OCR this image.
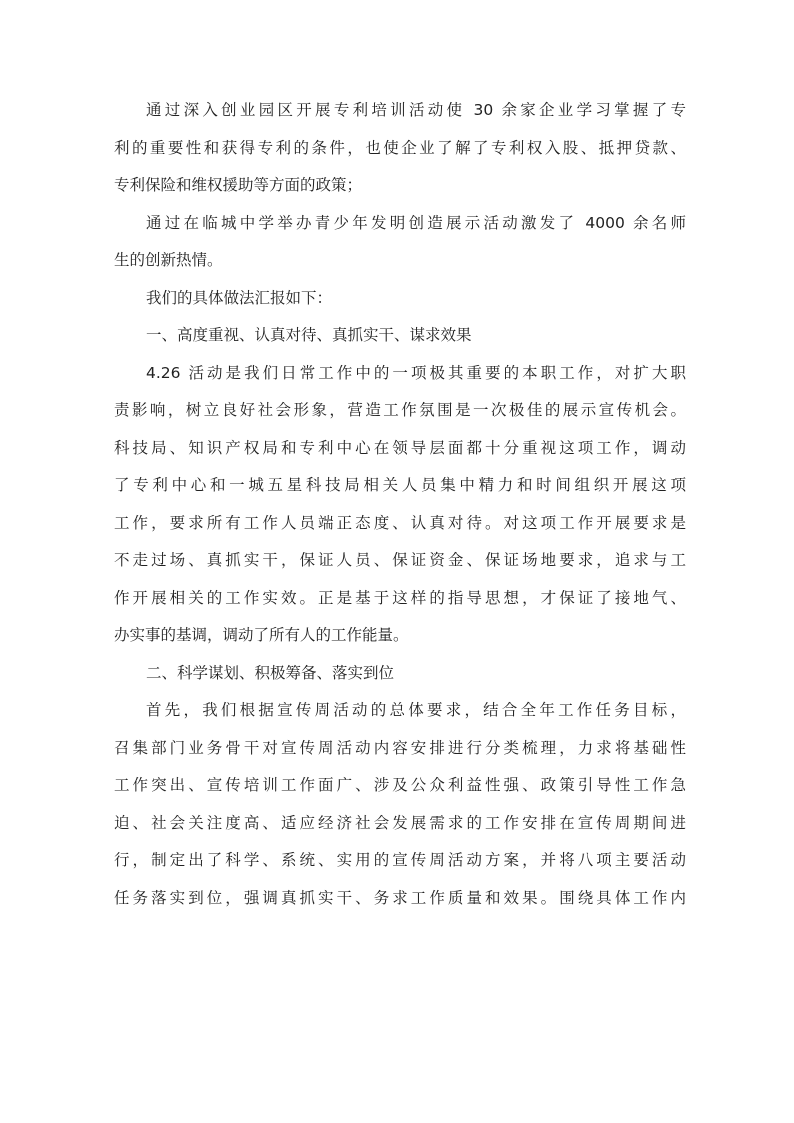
通过深入创业园区开展专利培训活动使 30 余家企业学习掌握了专
利的重要性和获得专利的条件，也使企业了解了专利权入股、抵押贷款、
专利保险和维权援助等方面的政策；
通过在临城中学举办青少年发明创造展示活动激发了 4000 余名师
生的创新热情。
我们的具体做法汇报如下：
一、高度重视、认真对待、真抓实干、谋求效果
4.26 活动是我们日常工作中的一项极其重要的本职工作，对扩大职
责影响，树立良好社会形象，营造工作氛围是一次极佳的展示宣传机会。
科技局、知识产权局和专利中心在领导层面都十分重视这项工作，调动
了专利中心和一城五星科技局相关人员集中精力和时间组织开展这项
工作，要求所有工作人员端正态度、认真对待。对这项工作开展要求是
不走过场、真抓实干，保证人员、保证资金、保证场地要求，追求与工
作开展相关的工作实效。正是基于这样的指导思想，才保证了接地气、
办实事的基调，调动了所有人的工作能量。
二、科学谋划、积极筹备、落实到位
首先，我们根据宣传周活动的总体要求，结合全年工作任务目标，
召集部门业务骨干对宣传周活动内容安排进行分类梳理，力求将基础性
工作突出、宣传培训工作面广、涉及公众利益性强、政策引导性工作急
迫、社会关注度高、适应经济社会发展需求的工作安排在宣传周期间进
行，制定出了科学、系统、实用的宣传周活动方案，并将八项主要活动
任务落实到位，强调真抓实干、务求工作质量和效果。围绕具体工作内
